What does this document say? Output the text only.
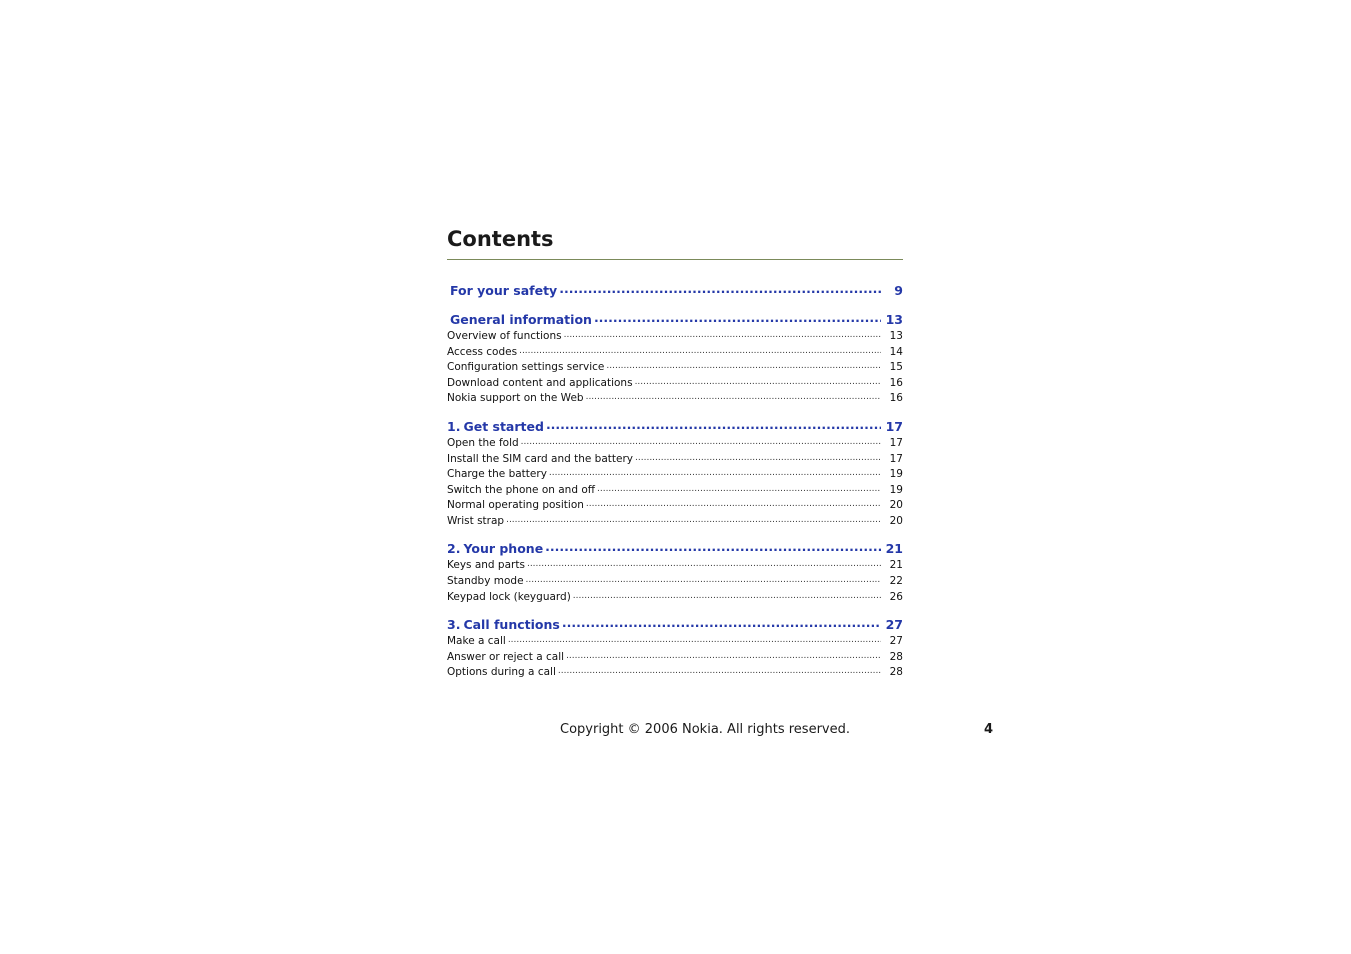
Contents
For your safety .....	9
General information .....	13
Overview of functions .....	13
Access codes .....	14
Configuration settings service .....	15
Download content and applications .....	16
Nokia support on the Web .....	16
1. Get started .....	17
Open the fold .....	17
Install the SIM card and the battery .....	17
Charge the battery .....	19
Switch the phone on and off .....	19
Normal operating position .....	20
Wrist strap .....	20
2. Your phone .....	21
Keys and parts .....	21
Standby mode .....	22
Keypad lock (keyguard) .....	26
3. Call functions .....	27
Make a call .....	27
Answer or reject a call .....	28
Options during a call .....	28
Copyright © 2006 Nokia. All rights reserved.	4
